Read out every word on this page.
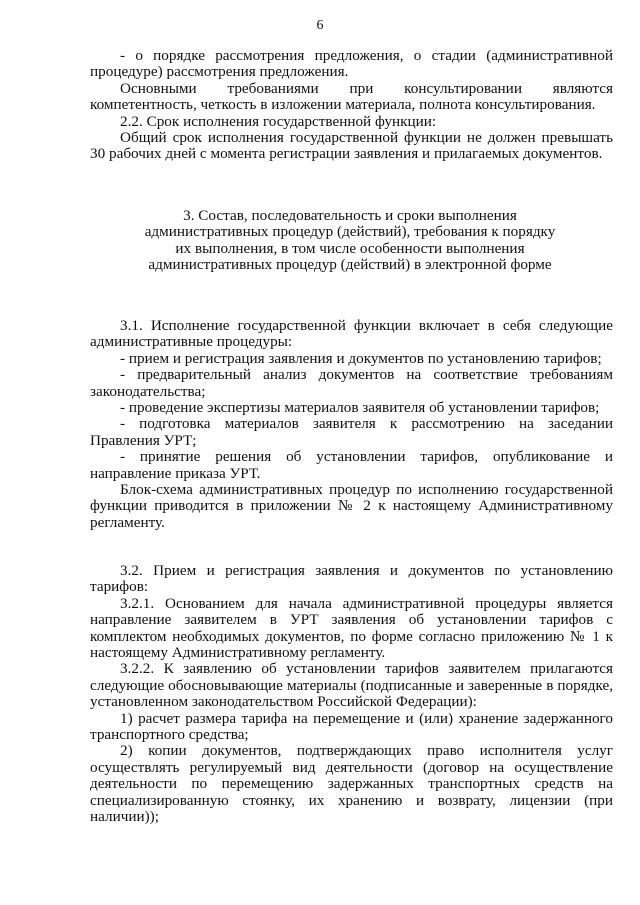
6

- о порядке рассмотрения предложения, о стадии (административной процедуре) рассмотрения предложения.

Основными требованиями при консультировании являются компетентность, четкость в изложении материала, полнота консультирования.

2.2. Срок исполнения государственной функции:

Общий срок исполнения государственной функции не должен превышать 30 рабочих дней с момента регистрации заявления и прилагаемых документов.

3. Состав, последовательность и сроки выполнения

административных процедур (действий), требования к порядку

их выполнения, в том числе особенности выполнения

административных процедур (действий) в электронной форме

3.1. Исполнение государственной функции включает в себя следующие административные процедуры:

- прием и регистрация заявления и документов по установлению тарифов;

- предварительный анализ документов на соответствие требованиям законодательства;

- проведение экспертизы материалов заявителя об установлении тарифов;

- подготовка материалов заявителя к рассмотрению на заседании Правления УРТ;

- принятие решения об установлении тарифов, опубликование и направление приказа УРТ.

Блок-схема административных процедур по исполнению государственной функции приводится в приложении № 2 к настоящему Административному регламенту.

3.2. Прием и регистрация заявления и документов по установлению тарифов:

3.2.1. Основанием для начала административной процедуры является направление заявителем в УРТ заявления об установлении тарифов с комплектом необходимых документов, по форме согласно приложению № 1 к настоящему Административному регламенту.

3.2.2. К заявлению об установлении тарифов заявителем прилагаются следующие обосновывающие материалы (подписанные и заверенные в порядке, установленном законодательством Российской Федерации):

1) расчет размера тарифа на перемещение и (или) хранение задержанного транспортного средства;

2) копии документов, подтверждающих право исполнителя услуг осуществлять регулируемый вид деятельности (договор на осуществление деятельности по перемещению задержанных транспортных средств на специализированную стоянку, их хранению и возврату, лицензии (при наличии));
